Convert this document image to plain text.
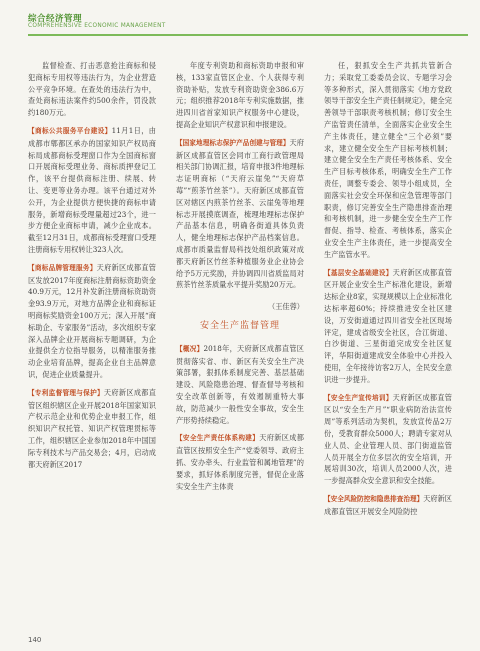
综合经济管理
COMPREHENSIVE ECONOMIC MANAGEMENT

监督检查、打击恶意抢注商标和侵犯商标专用权等违法行为，为企业营造公平竞争环境。在查处的违法行为中，查处商标违法案件约500余件，罚没款约180万元。

【商标公共服务平台建设】11月1日，由成都市郫都区承办的国家知识产权局商标局成都商标受理窗口作为全国商标窗口开展商标受理业务、商标质押登记工作，该平台提供商标注册、续展、转让、变更等业务办理。该平台通过对外公开，为企业提供方便快捷的商标申请服务，新增商标受理量超过23个，进一步方便企业商标申请，减少企业成本。截至12月31日，成都商标受理窗口受理注册商标专用权转让323人次。

【商标品牌管理服务】天府新区成都直管区发放2017年度商标注册商标资助资金40.9万元，12月补发新注册商标资助资金93.9万元，对地方品牌企业和商标证明商标奖励资金100万元；深入开展“商标助企、专家服务”活动，多次组织专家深入品牌企业开展商标专题调研，为企业提供全方位指导服务，以精准服务推动企业培育品牌，提高企业自主品牌意识，促进企业质量提升。

【专利监督管理与保护】天府新区成都直管区组织辖区企业开展2018年国家知识产权示范企业和优势企业申报工作，组织知识产权托管、知识产权管理贯标等工作，组织辖区企业参加2018年中国国际专利技术与产品交易会；4月，启动成都天府新区2017

年度专利资助和商标资助申报和审核，133家直管区企业、个人获得专利资助补贴，发放专利资助资金386.6万元；组织推荐2018年专利实施数据，推进四川省首家知识产权服务中心建设，提高企业知识产权意识和申报建设。

【国家地理标志保护产品创建与管理】天府新区成都直管区会同市工商行政管理局相关部门协调汇报，培育申报3件地理标志证明商标（“天府云崖兔”“天府草莓”“煎茶竹丝茶”）。天府新区成都直管区对辖区内煎茶竹丝茶、云崖兔等地理标志开展摸底调查，梳理地理标志保护产品基本信息，明确各街道具体负责人，健全地理标志保护产品档案信息。成都市质量监督局科技处组织政策对成都天府新区竹丝茶种植服务业企业协会给予5万元奖励，并协调四川省质监局对煎茶竹丝茶质量水平提升奖励20万元。

（王佳蓉）
安全生产监督管理

【概况】2018年，天府新区成都直管区贯彻落实省、市、新区有关安全生产决策部署，狠抓体系制度完善、基层基础建设、风险隐患治理、督查督导考核和安全改革创新等，有效遏制重特大事故，防范减少一般性安全事故，安全生产形势持续稳定。

【安全生产责任体系构建】天府新区成都直管区按照安全生产“党委领导、政府主抓、安办牵头、行业监管和属地管理”的要求，抓好体系制度完善，督促企业落实安全生产主体责

任，狠抓安全生产共抓共管新合力；采取党工委委员会议、专题学习会等多种形式，深入贯彻落实《地方党政领导干部安全生产责任制规定》，健全完善领导干部职责考核机制；修订安全生产监管责任清单，全面落实企业安全生产主体责任，建立健全“三个必须”要求，建立健全安全生产目标考核机制；建立健全安全生产责任考核体系、安全生产目标考核体系，明确安全生产工作责任，调整专委会、领导小组成员，全面落实社会安全环保和应急管理等部门职责，修订完善安全生产隐患排查治理和考核机制，进一步健全安全生产工作督促、指导、检查、考核体系，落实企业安全生产主体责任，进一步提高安全生产监管水平。

【基层安全基础建设】天府新区成都直管区开展企业安全生产标准化建设，新增达标企业8家，实现规模以上企业标准化达标率超60%；持续推进安全社区建设，万安街道通过四川省安全社区现场评定，建成省级安全社区，合江街道、白沙街道、三星街道完成安全社区复评，华阳街道建成安全体验中心并投入使用，全年接待访客2万人，全民安全意识进一步提升。

【安全生产宣传培训】天府新区成都直管区以“安全生产月”“职业病防治法宣传周”等系列活动为契机，发放宣传品2万份，受教育群众5000人；聘请专家对从业人员、企业管理人员、部门街道监管人员开展全方位多层次的安全培训，开展培训30次，培训人员2000人次，进一步提高群众安全意识和安全技能。

【安全风险防控和隐患排查治理】天府新区成都直管区开展安全风险防控

140
